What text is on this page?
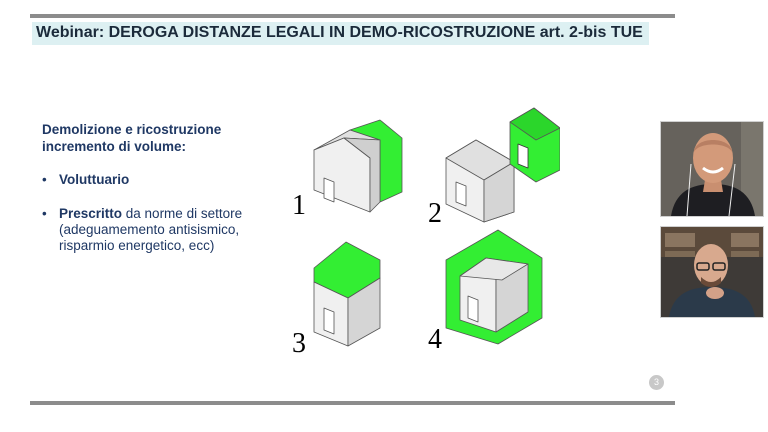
Webinar: DEROGA DISTANZE LEGALI IN DEMO-RICOSTRUZIONE art. 2-bis TUE
Demolizione e ricostruzione incremento di volume:
• Voluttuario
• Prescritto da norme di settore (adeguamemento antisismico, risparmio energetico, ecc)
1	2
3	4
3
